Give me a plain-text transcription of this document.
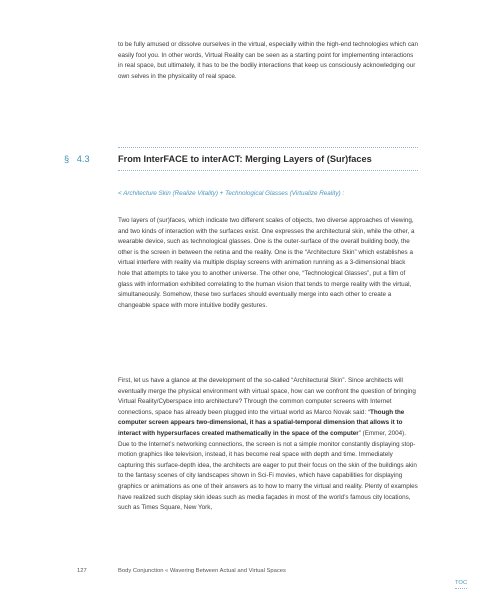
to be fully amused or dissolve ourselves in the virtual, especially within the high-end technologies which can easily fool you. In other words, Virtual Reality can be seen as a starting point for implementing interactions in real space, but ultimately, it has to be the bodily interactions that keep us consciously acknowledging our own selves in the physicality of real space.

§ 4.3	From InterFACE to interACT: Merging Layers of (Sur)faces
< Architecture Skin (Realize Vitality) + Technological Glasses (Virtualize Reality) :

Two layers of (sur)faces, which indicate two different scales of objects, two diverse approaches of viewing, and two kinds of interaction with the surfaces exist. One expresses the architectural skin, while the other, a wearable device, such as technological glasses. One is the outer-surface of the overall building body, the other is the screen in between the retina and the reality. One is the “Architecture Skin” which establishes a virtual interfere with reality via multiple display screens with animation running as a 3-dimensional black hole that attempts to take you to another universe. The other one, “Technological Glasses”, put a film of glass with information exhibited correlating to the human vision that tends to merge reality with the virtual, simultaneously. Somehow, these two surfaces should eventually merge into each other to create a changeable space with more intuitive bodily gestures.

First, let us have a glance at the development of the so-called “Architectural Skin”. Since architects will eventually merge the physical environment with virtual space, how can we confront the question of bringing Virtual Reality/Cyberspace into architecture? Through the common computer screens with Internet connections, space has already been plugged into the virtual world as Marco Novak said: “Though the computer screen appears two-dimensional, it has a spatial-temporal dimension that allows it to interact with hypersurfaces created mathematically in the space of the computer” (Emmer, 2004). Due to the Internet’s networking connections, the screen is not a simple monitor constantly displaying stop-motion graphics like television, instead, it has become real space with depth and time. Immediately capturing this surface-depth idea, the architects are eager to put their focus on the skin of the buildings akin to the fantasy scenes of city landscapes shown in Sci-Fi movies, which have capabilities for displaying graphics or animations as one of their answers as to how to marry the virtual and reality. Plenty of examples have realized such display skin ideas such as media façades in most of the world’s famous city locations, such as Times Square, New York,

127	Body Conjunction « Wavering Between Actual and Virtual Spaces
TOC
